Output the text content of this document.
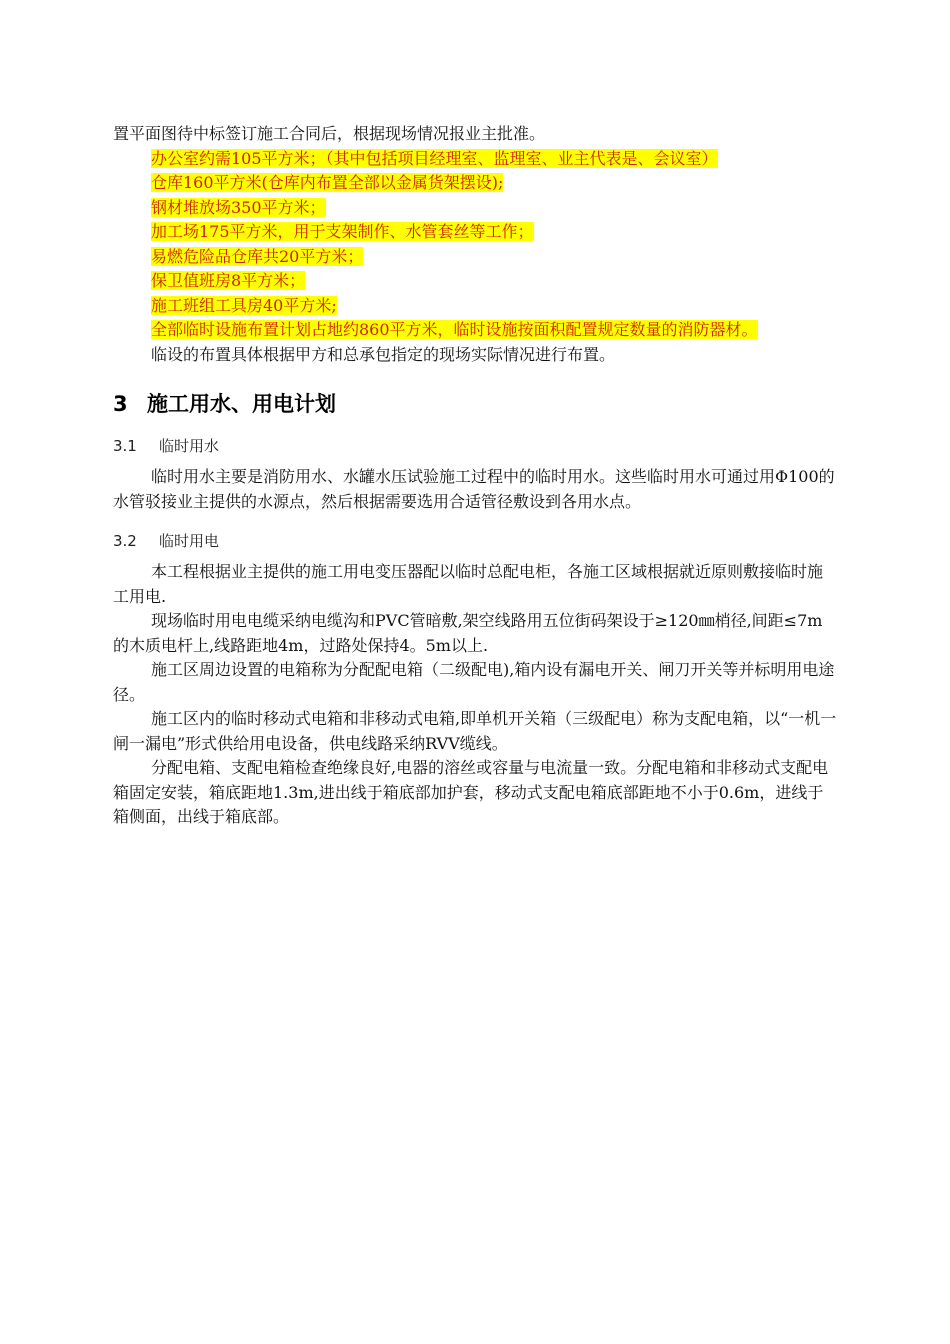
置平面图待中标签订施工合同后，根据现场情况报业主批准。

办公室约需105平方米；（其中包括项目经理室、监理室、业主代表是、会议室）

仓库160平方米(仓库内布置全部以金属货架摆设);

钢材堆放场350平方米；

加工场175平方米，用于支架制作、水管套丝等工作；

易燃危险品仓库共20平方米；

保卫值班房8平方米；

施工班组工具房40平方米;

全部临时设施布置计划占地约860平方米，临时设施按面积配置规定数量的消防器材。

临设的布置具体根据甲方和总承包指定的现场实际情况进行布置。

3 施工用水、用电计划
3.1 临时用水

临时用水主要是消防用水、水罐水压试验施工过程中的临时用水。这些临时用水可通过用Φ100的水管驳接业主提供的水源点，然后根据需要选用合适管径敷设到各用水点。

3.2 临时用电

本工程根据业主提供的施工用电变压器配以临时总配电柜，各施工区域根据就近原则敷接临时施工用电.

现场临时用电电缆采纳电缆沟和PVC管暗敷,架空线路用五位街码架设于≥120㎜梢径,间距≤7m的木质电杆上,线路距地4m，过路处保持4。5m以上.

施工区周边设置的电箱称为分配配电箱（二级配电),箱内设有漏电开关、闸刀开关等并标明用电途径。

施工区内的临时移动式电箱和非移动式电箱,即单机开关箱（三级配电）称为支配电箱，以“一机一闸一漏电”形式供给用电设备，供电线路采纳RVV缆线。

分配电箱、支配电箱检查绝缘良好,电器的溶丝或容量与电流量一致。分配电箱和非移动式支配电箱固定安装，箱底距地1.3m,进出线于箱底部加护套，移动式支配电箱底部距地不小于0.6m，进线于箱侧面，出线于箱底部。
